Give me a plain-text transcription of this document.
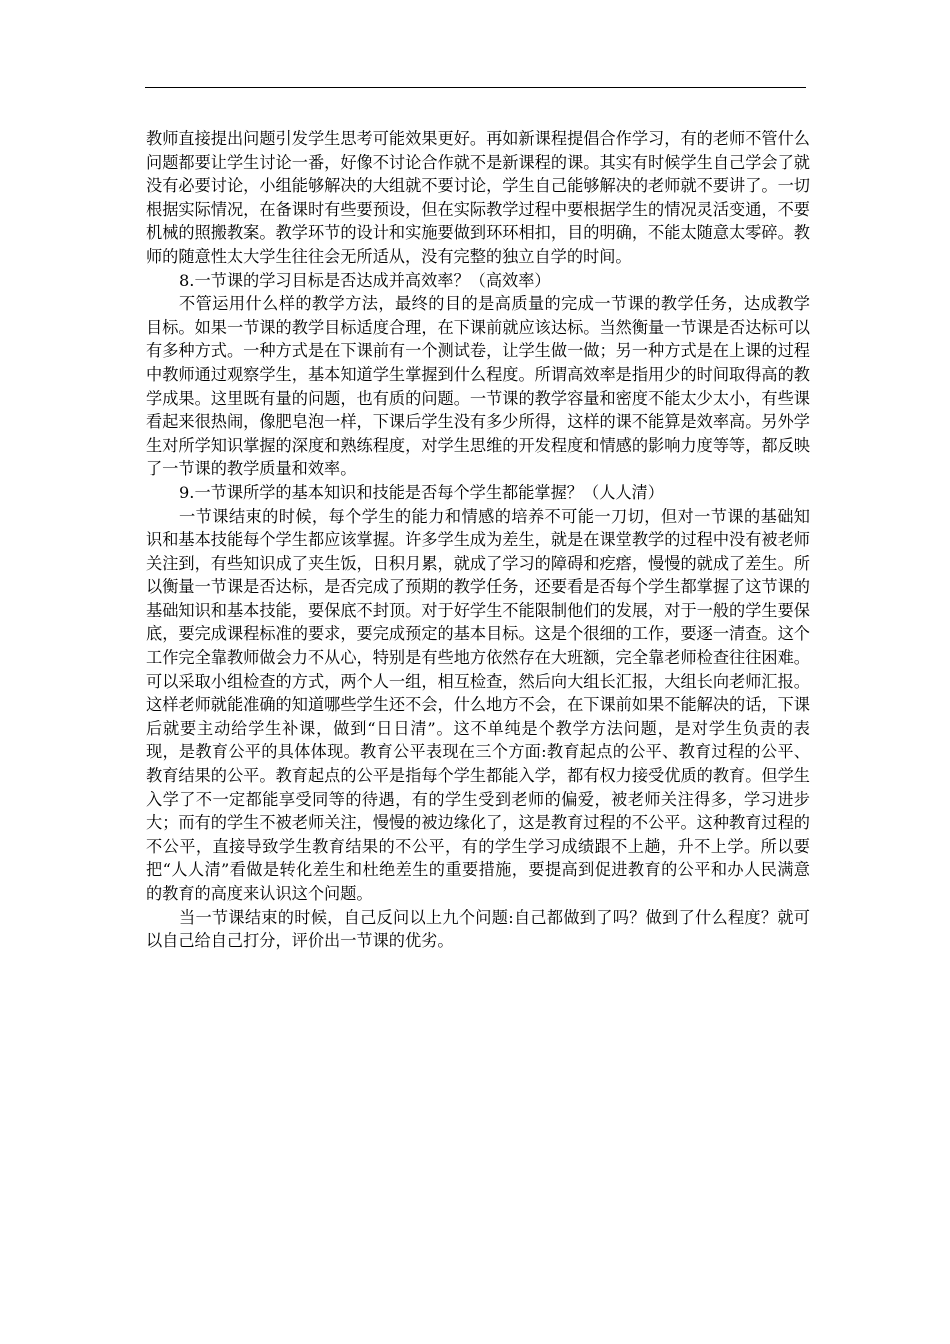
教师直接提出问题引发学生思考可能效果更好。再如新课程提倡合作学习，有的老师不管什么问题都要让学生讨论一番，好像不讨论合作就不是新课程的课。其实有时候学生自己学会了就没有必要讨论，小组能够解决的大组就不要讨论，学生自己能够解决的老师就不要讲了。一切根据实际情况，在备课时有些要预设，但在实际教学过程中要根据学生的情况灵活变通，不要机械的照搬教案。教学环节的设计和实施要做到环环相扣，目的明确，不能太随意太零碎。教师的随意性太大学生往往会无所适从，没有完整的独立自学的时间。

8.一节课的学习目标是否达成并高效率？（高效率）

不管运用什么样的教学方法，最终的目的是高质量的完成一节课的教学任务，达成教学目标。如果一节课的教学目标适度合理，在下课前就应该达标。当然衡量一节课是否达标可以有多种方式。一种方式是在下课前有一个测试卷，让学生做一做；另一种方式是在上课的过程中教师通过观察学生，基本知道学生掌握到什么程度。所谓高效率是指用少的时间取得高的教学成果。这里既有量的问题，也有质的问题。一节课的教学容量和密度不能太少太小，有些课看起来很热闹，像肥皂泡一样，下课后学生没有多少所得，这样的课不能算是效率高。另外学生对所学知识掌握的深度和熟练程度，对学生思维的开发程度和情感的影响力度等等，都反映了一节课的教学质量和效率。

9.一节课所学的基本知识和技能是否每个学生都能掌握？（人人清）

一节课结束的时候，每个学生的能力和情感的培养不可能一刀切，但对一节课的基础知识和基本技能每个学生都应该掌握。许多学生成为差生，就是在课堂教学的过程中没有被老师关注到，有些知识成了夹生饭，日积月累，就成了学习的障碍和疙瘩，慢慢的就成了差生。所以衡量一节课是否达标，是否完成了预期的教学任务，还要看是否每个学生都掌握了这节课的基础知识和基本技能，要保底不封顶。对于好学生不能限制他们的发展，对于一般的学生要保底，要完成课程标准的要求，要完成预定的基本目标。这是个很细的工作，要逐一清查。这个工作完全靠教师做会力不从心，特别是有些地方依然存在大班额，完全靠老师检查往往困难。可以采取小组检查的方式，两个人一组，相互检查，然后向大组长汇报，大组长向老师汇报。这样老师就能准确的知道哪些学生还不会，什么地方不会，在下课前如果不能解决的话，下课后就要主动给学生补课，做到“日日清”。这不单纯是个教学方法问题，是对学生负责的表现，是教育公平的具体体现。教育公平表现在三个方面:教育起点的公平、教育过程的公平、教育结果的公平。教育起点的公平是指每个学生都能入学，都有权力接受优质的教育。但学生入学了不一定都能享受同等的待遇，有的学生受到老师的偏爱，被老师关注得多，学习进步大；而有的学生不被老师关注，慢慢的被边缘化了，这是教育过程的不公平。这种教育过程的不公平，直接导致学生教育结果的不公平，有的学生学习成绩跟不上趟，升不上学。所以要把“人人清”看做是转化差生和杜绝差生的重要措施，要提高到促进教育的公平和办人民满意的教育的高度来认识这个问题。

当一节课结束的时候，自己反问以上九个问题:自己都做到了吗？做到了什么程度？就可以自己给自己打分，评价出一节课的优劣。
